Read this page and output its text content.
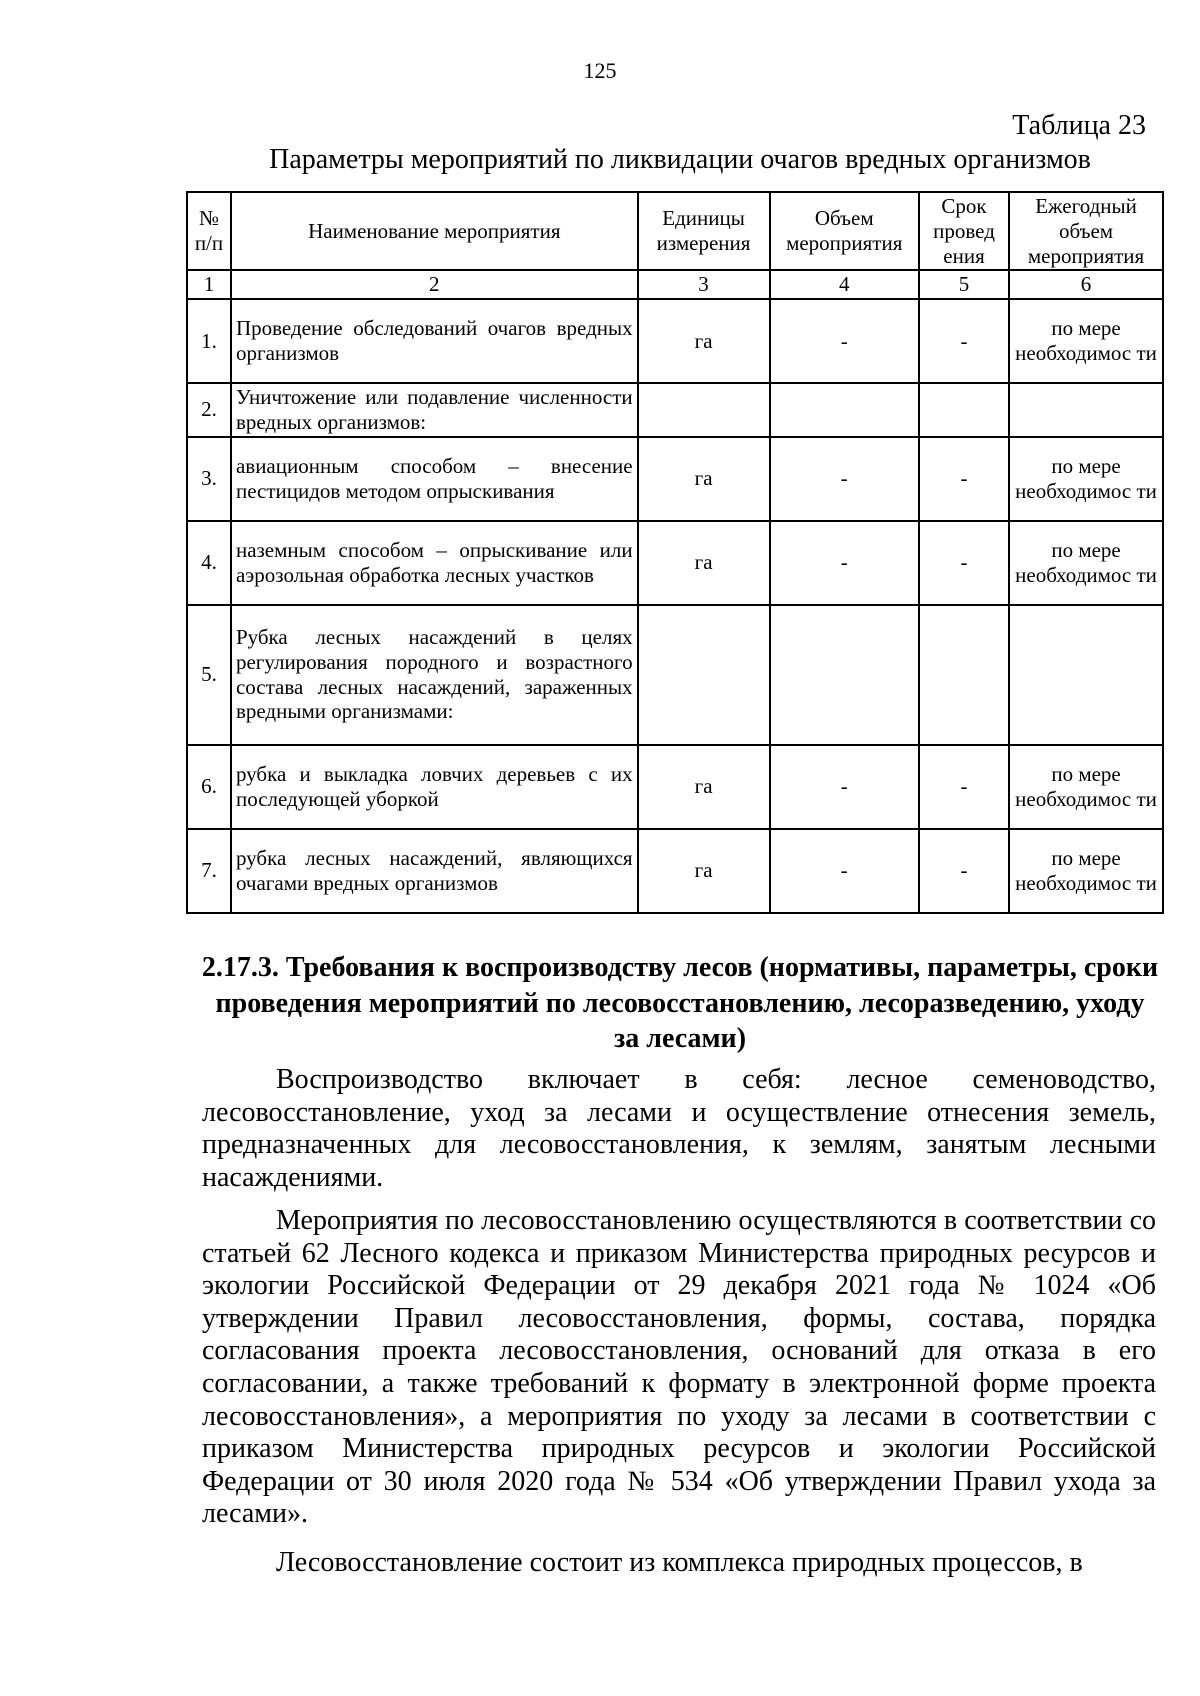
125
Таблица 23
Параметры мероприятий по ликвидации очагов вредных организмов
№ п/п	Наименование мероприятия	Единицы измерения	Объем мероприятия	Срок провед ения	Ежегодный объем мероприятия
1	2	3	4	5	6
1.	Проведение обследований очагов вредных организмов	га	-	-	по мере необходимос ти
2.	Уничтожение или подавление численности вредных организмов:				
3.	авиационным способом – внесение пестицидов методом опрыскивания	га	-	-	по мере необходимос ти
4.	наземным способом – опрыскивание или аэрозольная обработка лесных участков	га	-	-	по мере необходимос ти
5.	Рубка лесных насаждений в целях регулирования породного и возрастного состава лесных насаждений, зараженных вредными организмами:				
6.	рубка и выкладка ловчих деревьев с их последующей уборкой	га	-	-	по мере необходимос ти
7.	рубка лесных насаждений, являющихся очагами вредных организмов	га	-	-	по мере необходимос ти
2.17.3. Требования к воспроизводству лесов (нормативы, параметры, сроки проведения мероприятий по лесовосстановлению, лесоразведению, уходу за лесами)
Воспроизводство включает в себя: лесное семеноводство, лесовосстановление, уход за лесами и осуществление отнесения земель, предназначенных для лесовосстановления, к землям, занятым лесными насаждениями.
Мероприятия по лесовосстановлению осуществляются в соответствии со статьей 62 Лесного кодекса и приказом Министерства природных ресурсов и экологии Российской Федерации от 29 декабря 2021 года № 1024 «Об утверждении Правил лесовосстановления, формы, состава, порядка согласования проекта лесовосстановления, оснований для отказа в его согласовании, а также требований к формату в электронной форме проекта лесовосстановления», а мероприятия по уходу за лесами в соответствии с приказом Министерства природных ресурсов и экологии Российской Федерации от 30 июля 2020 года № 534 «Об утверждении Правил ухода за лесами».
Лесовосстановление состоит из комплекса природных процессов, в
